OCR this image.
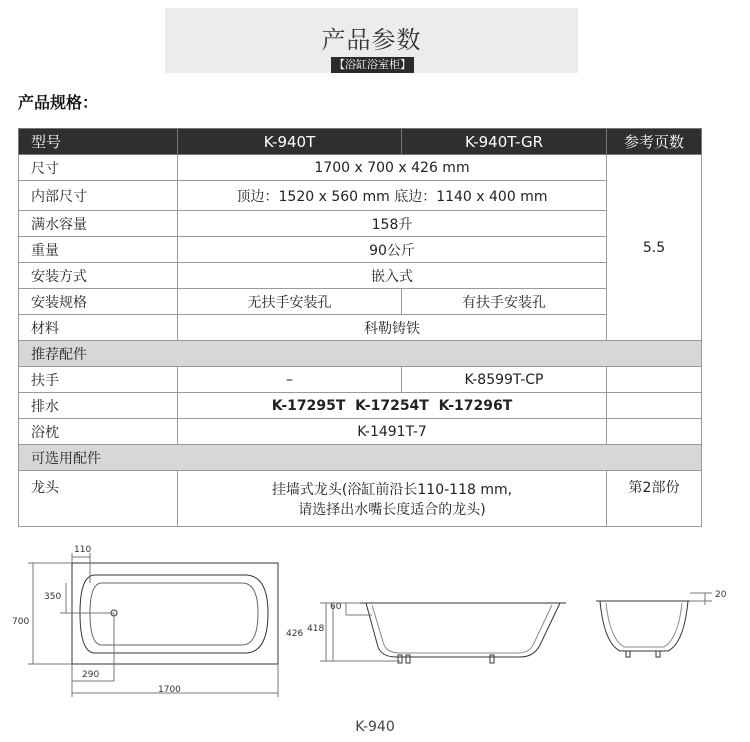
产品参数
【浴缸浴室柜】
产品规格：
型号	K-940T	K-940T-GR	参考页数
尺寸	1700 x 700 x 426 mm		5.5
内部尺寸	顶边：1520 x 560 mm 底边：1140 x 400 mm		
满水容量	158升		
重量	90公斤		
安装方式	嵌入式		
安装规格	无扶手安装孔	有扶手安装孔	
材料	科勒铸铁		
推荐配件			
扶手	–	K-8599T-CP	
排水	K-17295T  K-17254T  K-17296T		
浴枕	K-1491T-7		
可选用配件			
龙头	挂墙式龙头(浴缸前沿长110-118 mm,
请选择出水嘴长度适合的龙头)		第2部份
110
350
700
290
1700
60
426 418
20
K-940
